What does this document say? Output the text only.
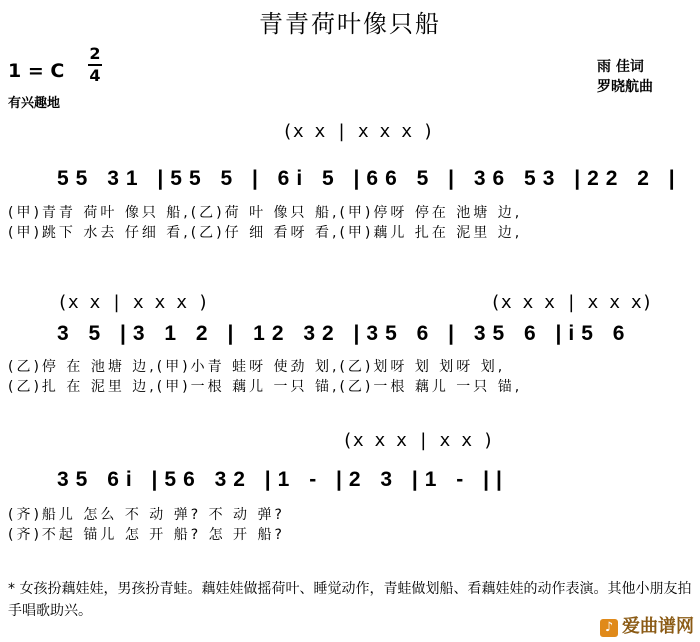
青青荷叶像只船
1 = C
2
4
有兴趣地
雨 佳词
罗晓航曲
(x x | x x x )
55 31 |55 5 | 6i 5 |66 5 | 36 53 |22 2 |
(甲)青青 荷叶 像只 船,(乙)荷 叶 像只 船,(甲)停呀 停在 池塘 边,
(甲)跳下 水去 仔细 看,(乙)仔 细 看呀 看,(甲)藕儿 扎在 泥里 边,
(x x | x x x )	(x x x | x x x)
3 5 |3 1 2 | 12 32 |35 6 | 35 6 |i5 6
(乙)停 在 池塘 边,(甲)小青 蛙呀 使劲 划,(乙)划呀 划 划呀 划,
(乙)扎 在 泥里 边,(甲)一根 藕儿 一只 锚,(乙)一根 藕儿 一只 锚,
(x x x | x x )
35 6i |56 32 |1 - |2 3 |1 - ||
(齐)船儿 怎么 不 动 弹? 不 动 弹?
(齐)不起 锚儿 怎 开 船? 怎 开 船?
* 女孩扮藕娃娃，男孩扮青蛙。藕娃娃做摇荷叶、睡觉动作，青蛙做划船、看藕娃娃的动作表演。其他小朋友拍手唱歌助兴。
♪ 爱曲谱网
